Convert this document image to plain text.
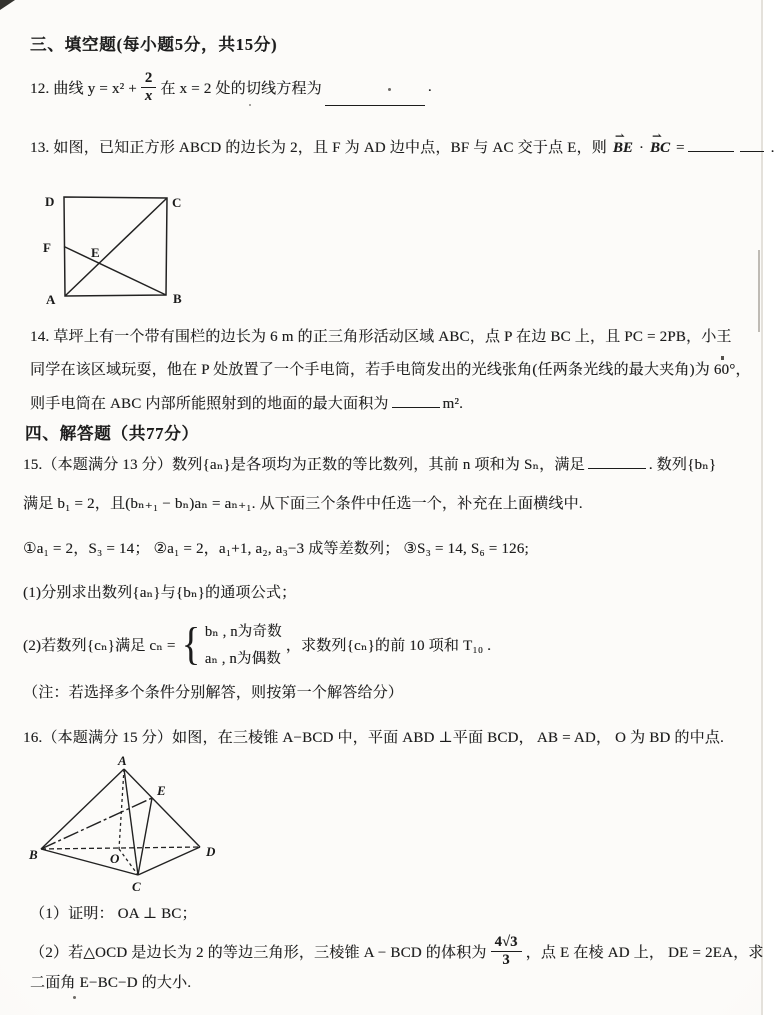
三、填空题(每小题5分，共15分)
12. 曲线 $y = x^2 + \frac{2}{x}$ 在 x = 2 处的切线方程为	.
13. 如图，已知正方形 ABCD 的边长为 2，且 F 为 AD 边中点，BF 与 AC 交于点 E，则
⇀
BE ·
⇀
BC =	.
D	C
F	E
A	B
14. 草坪上有一个带有围栏的边长为 6 m 的正三角形活动区域 ABC，点 P 在边 BC 上，且 PC = 2PB，小王
同学在该区域玩耍，他在 P 处放置了一个手电筒，若手电筒发出的光线张角(任两条光线的最大夹角)为 60°，
则手电筒在 ABC 内部所能照射到的地面的最大面积为	m².
四、解答题（共77分）
15.（本题满分 13 分）数列{aₙ}是各项均为正数的等比数列，其前 n 项和为 Sₙ，满足	. 数列{bₙ}
满足 b₁ = 2，且(bₙ₊₁ − bₙ)aₙ = aₙ₊₁. 从下面三个条件中任选一个，补充在上面横线中.
①a₁ = 2，S₃ = 14； ②a₁ = 2，a₁+1, a₂, a₃−3 成等差数列； ③S₃ = 14, S₆ = 126;
(1)分别求出数列{aₙ}与{bₙ}的通项公式；
(2)若数列{cₙ}满足 cₙ = { bₙ , n为奇数
aₙ , n为偶数
，求数列{cₙ}的前 10 项和 T₁₀ .
（注：若选择多个条件分别解答，则按第一个解答给分）
16.（本题满分 15 分）如图，在三棱锥 A−BCD 中，平面 ABD ⊥平面 BCD， AB = AD， O 为 BD 的中点.
A
B
C
D
E
O
（1）证明： OA ⊥ BC；
（2）若△OCD 是边长为 2 的等边三角形，三棱锥 A − BCD 的体积为 $\frac{4√3}{3}$ ，点 E 在棱 AD 上， DE = 2EA，求
二面角 E−BC−D 的大小.
